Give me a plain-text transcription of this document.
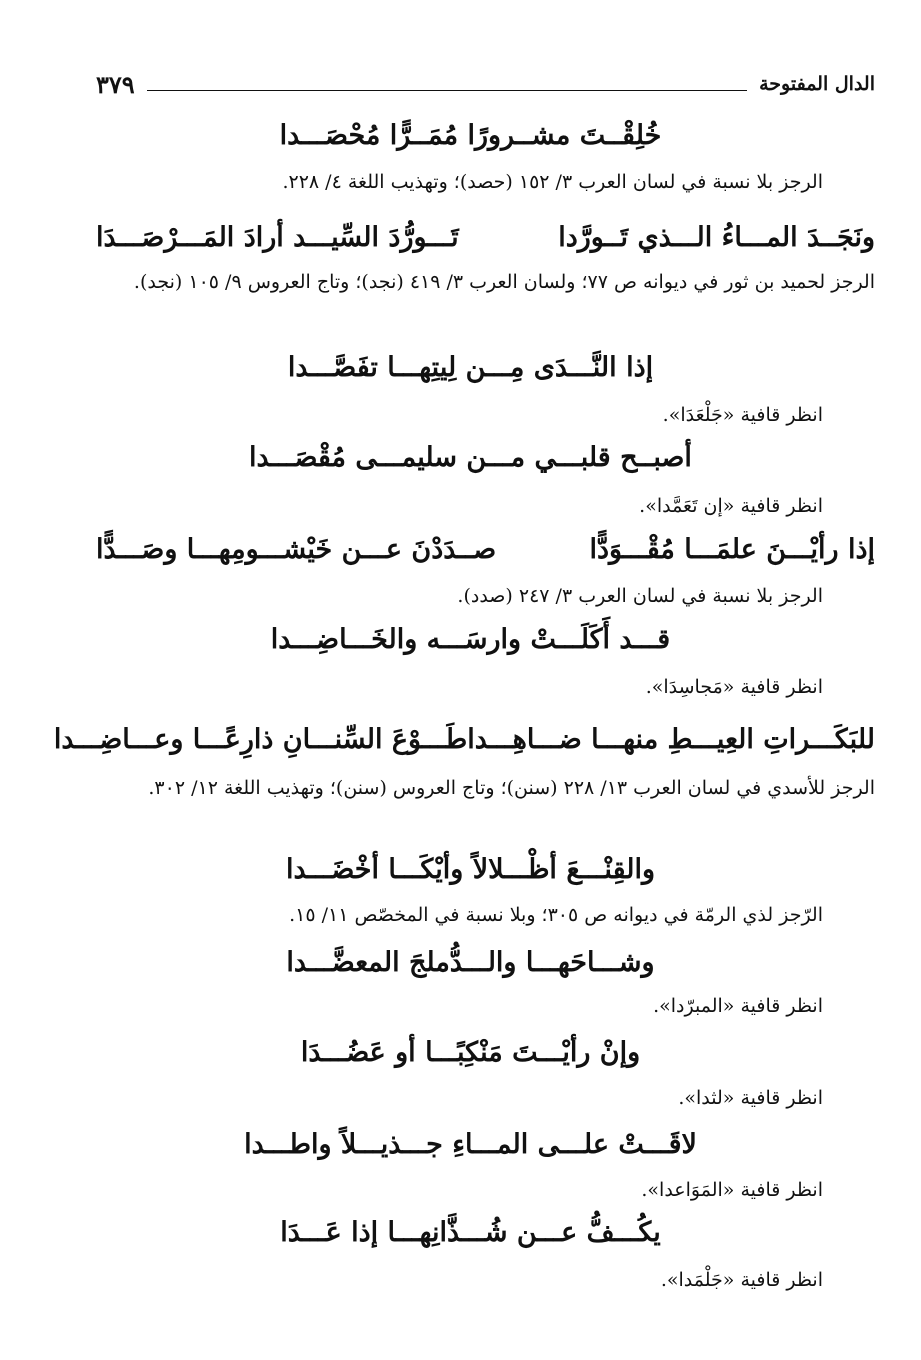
الدال المفتوحة
٣٧٩
خُلِقْــتَ مشــرورًا مُمَــرًّا مُحْصَـــدا
الرجز بلا نسبة في لسان العرب ٣/ ١٥٢ (حصد)؛ وتهذيب اللغة ٤/ ٢٢٨.
ونَجَــدَ المـــاءُ الـــذي تَــورَّدا
تَـــورُّدَ السِّيـــد أرادَ المَـــرْصَـــدَا
الرجز لحميد بن ثور في ديوانه ص ٧٧؛ ولسان العرب ٣/ ٤١٩ (نجد)؛ وتاج العروس ٩/ ١٠٥ (نجد).
إذا النَّـــدَى مِـــن لِيتِهـــا تفَصَّـــدا
انظر قافية «جَلْعَدَا».
أصبــح قلبـــي مـــن سليمـــى مُقْصَـــدا
انظر قافية «إن تَعَمَّدا».
إذا رأيْـــنَ علمَـــا مُقْـــوَدًّا
صــدَدْنَ عـــن خَيْشـــومِهـــا وصَـــدًّا
الرجز بلا نسبة في لسان العرب ٣/ ٢٤٧ (صدد).
قـــد أَكَلَـــتْ وارسَـــه والخَـــاضِـــدا
انظر قافية «مَجاسِدَا».
للبَكَـــراتِ العِيـــطِ منهـــا ضـــاهِـــدا
طَـــوْعَ السِّنـــانِ ذارِعًـــا وعـــاضِـــدا
الرجز للأسدي في لسان العرب ١٣/ ٢٢٨ (سنن)؛ وتاج العروس (سنن)؛ وتهذيب اللغة ١٢/ ٣٠٢.
والقِنْـــعَ أظْـــلالاً وأيْكَـــا أخْضَـــدا
الرّجز لذي الرمّة في ديوانه ص ٣٠٥؛ وبلا نسبة في المخصّص ١١/ ١٥.
وشـــاحَهـــا والـــدُّملجَ المعضَّـــدا
انظر قافية «المبرّدا».
وإنْ رأيْـــتَ مَنْكِبًـــا أو عَضُـــدَا
انظر قافية «لثدا».
لاقَـــتْ علـــى المـــاءِ جـــذيـــلاً واطـــدا
انظر قافية «المَوَاعدا».
يكُـــفُّ عـــن شُـــذَّانِهـــا إذا عَـــدَا
انظر قافية «جَلْمَدا».
